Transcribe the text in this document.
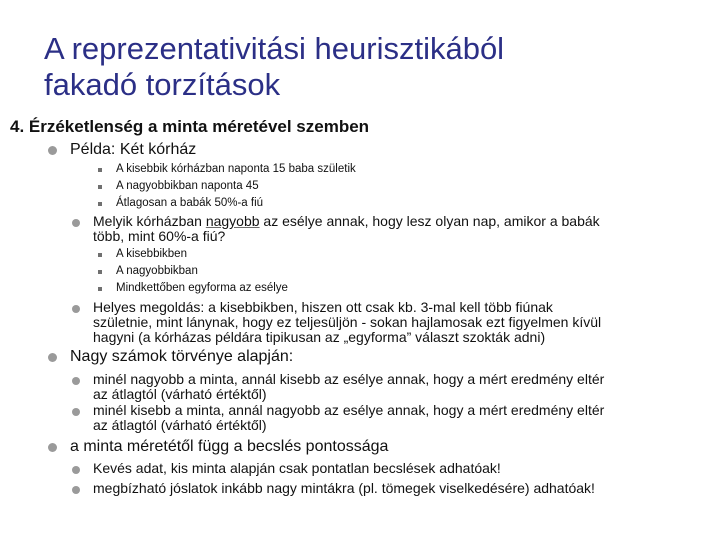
A reprezentativitási heurisztikából
fakadó torzítások
4. Érzéketlenség a minta méretével szemben
Példa: Két kórház
A kisebbik kórházban naponta 15 baba születik
A nagyobbikban naponta 45
Átlagosan a babák 50%-a fiú
Melyik kórházban nagyobb az esélye annak, hogy lesz olyan nap, amikor a babák
több, mint 60%-a fiú?
A kisebbikben
A nagyobbikban
Mindkettőben egyforma az esélye
Helyes megoldás: a kisebbikben, hiszen ott csak kb. 3-mal kell több fiúnak
születnie, mint lánynak, hogy ez teljesüljön - sokan hajlamosak ezt figyelmen kívül
hagyni (a kórházas példára tipikusan az „egyforma” választ szokták adni)
Nagy számok törvénye alapján:
minél nagyobb a minta, annál kisebb az esélye annak, hogy a mért eredmény eltér
az átlagtól (várható értéktől)
minél kisebb a minta, annál nagyobb az esélye annak, hogy a mért eredmény eltér
az átlagtól (várható értéktől)
a minta méretétől függ a becslés pontossága
Kevés adat, kis minta alapján csak pontatlan becslések adhatóak!
megbízható jóslatok inkább nagy mintákra (pl. tömegek viselkedésére) adhatóak!
